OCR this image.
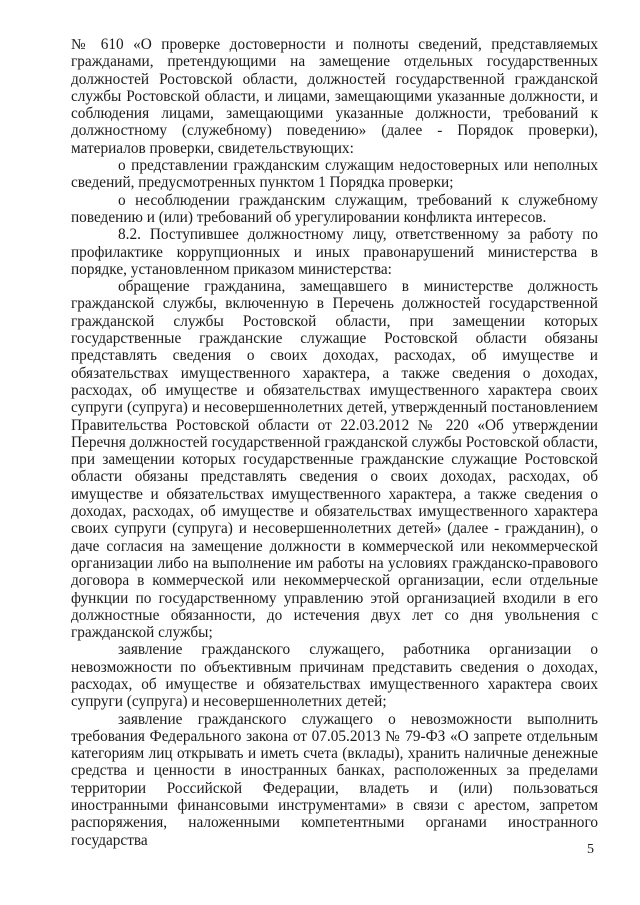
№ 610 «О проверке достоверности и полноты сведений, представляемых гражданами, претендующими на замещение отдельных государственных должностей Ростовской области, должностей государственной гражданской службы Ростовской области, и лицами, замещающими указанные должности, и соблюдения лицами, замещающими указанные должности, требований к должностному (служебному) поведению» (далее - Порядок проверки), материалов проверки, свидетельствующих:

о представлении гражданским служащим недостоверных или неполных сведений, предусмотренных пунктом 1 Порядка проверки;

о несоблюдении гражданским служащим, требований к служебному поведению и (или) требований об урегулировании конфликта интересов.

8.2. Поступившее должностному лицу, ответственному за работу по профилактике коррупционных и иных правонарушений министерства в порядке, установленном приказом министерства:

обращение гражданина, замещавшего в министерстве должность гражданской службы, включенную в Перечень должностей государственной гражданской службы Ростовской области, при замещении которых государственные гражданские служащие Ростовской области обязаны представлять сведения о своих доходах, расходах, об имуществе и обязательствах имущественного характера, а также сведения о доходах, расходах, об имуществе и обязательствах имущественного характера своих супруги (супруга) и несовершеннолетних детей, утвержденный постановлением Правительства Ростовской области от 22.03.2012 № 220 «Об утверждении Перечня должностей государственной гражданской службы Ростовской области, при замещении которых государственные гражданские служащие Ростовской области обязаны представлять сведения о своих доходах, расходах, об имуществе и обязательствах имущественного характера, а также сведения о доходах, расходах, об имуществе и обязательствах имущественного характера своих супруги (супруга) и несовершеннолетних детей» (далее - гражданин), о даче согласия на замещение должности в коммерческой или некоммерческой организации либо на выполнение им работы на условиях гражданско-правового договора в коммерческой или некоммерческой организации, если отдельные функции по государственному управлению этой организацией входили в его должностные обязанности, до истечения двух лет со дня увольнения с гражданской службы;

заявление гражданского служащего, работника организации о невозможности по объективным причинам представить сведения о доходах, расходах, об имуществе и обязательствах имущественного характера своих супруги (супруга) и несовершеннолетних детей;

заявление гражданского служащего о невозможности выполнить требования Федерального закона от 07.05.2013 № 79-ФЗ «О запрете отдельным категориям лиц открывать и иметь счета (вклады), хранить наличные денежные средства и ценности в иностранных банках, расположенных за пределами территории Российской Федерации, владеть и (или) пользоваться иностранными финансовыми инструментами» в связи с арестом, запретом распоряжения, наложенными компетентными органами иностранного государства

5
